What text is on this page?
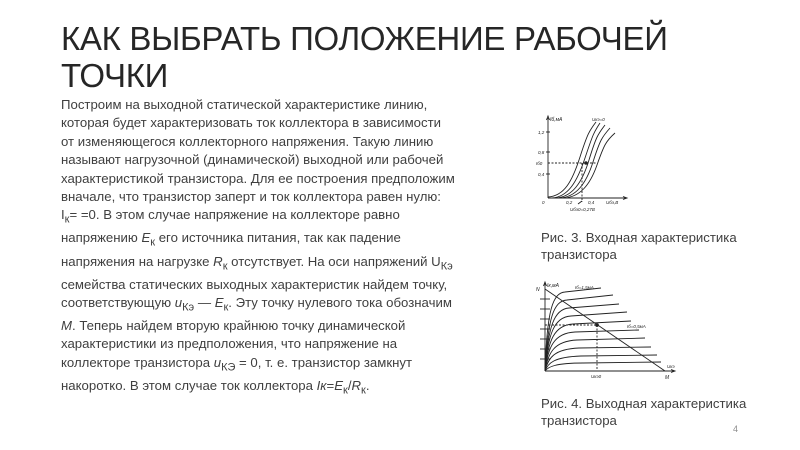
КАК ВЫБРАТЬ ПОЛОЖЕНИЕ РАБОЧЕЙ ТОЧКИ

Построим на выходной статической характеристике линию, которая будет характеризовать ток коллектора в зависимости от изменяющегося коллекторного напряжения. Такую линию называют нагрузочной (динамической) выходной или рабочей характеристикой транзистора. Для ее построения предположим вначале, что транзистор заперт и ток коллектора равен нулю: $I_к= =0$. В этом случае напряжение на коллекторе равно напряжению $Е_к$ его источника питания, так как падение напряжения на нагрузке $R_к$ отсутствует. На оси напряжений $U_{Кэ}$ семейства статических выходных характеристик найдем точку, соответствующую $и_{Кэ}$ — $Е_к$. Эту точку нулевого тока обозначим М. Теперь найдем вторую крайнюю точку динамической характеристики из предположения, что напряжение на коллекторе транзистора $и_{КЭ} = 0$, т. е. транзистор замкнут накоротко. В этом случае ток коллектора $Iк=Е_к/R_к$.

Iб,мА
1,2
0,8
0,4
Iб0
0
Uкэ=0
0,2	0,4	Uбэ,В
Uбэ0=0,27В
Рис. 3. Входная характеристика транзистора
Iк,мА	Iб=1,5мА
Iб=0,5мА
М
N
Uкэ0
Uкэ
Рис. 4. Выходная характеристика транзистора
4
